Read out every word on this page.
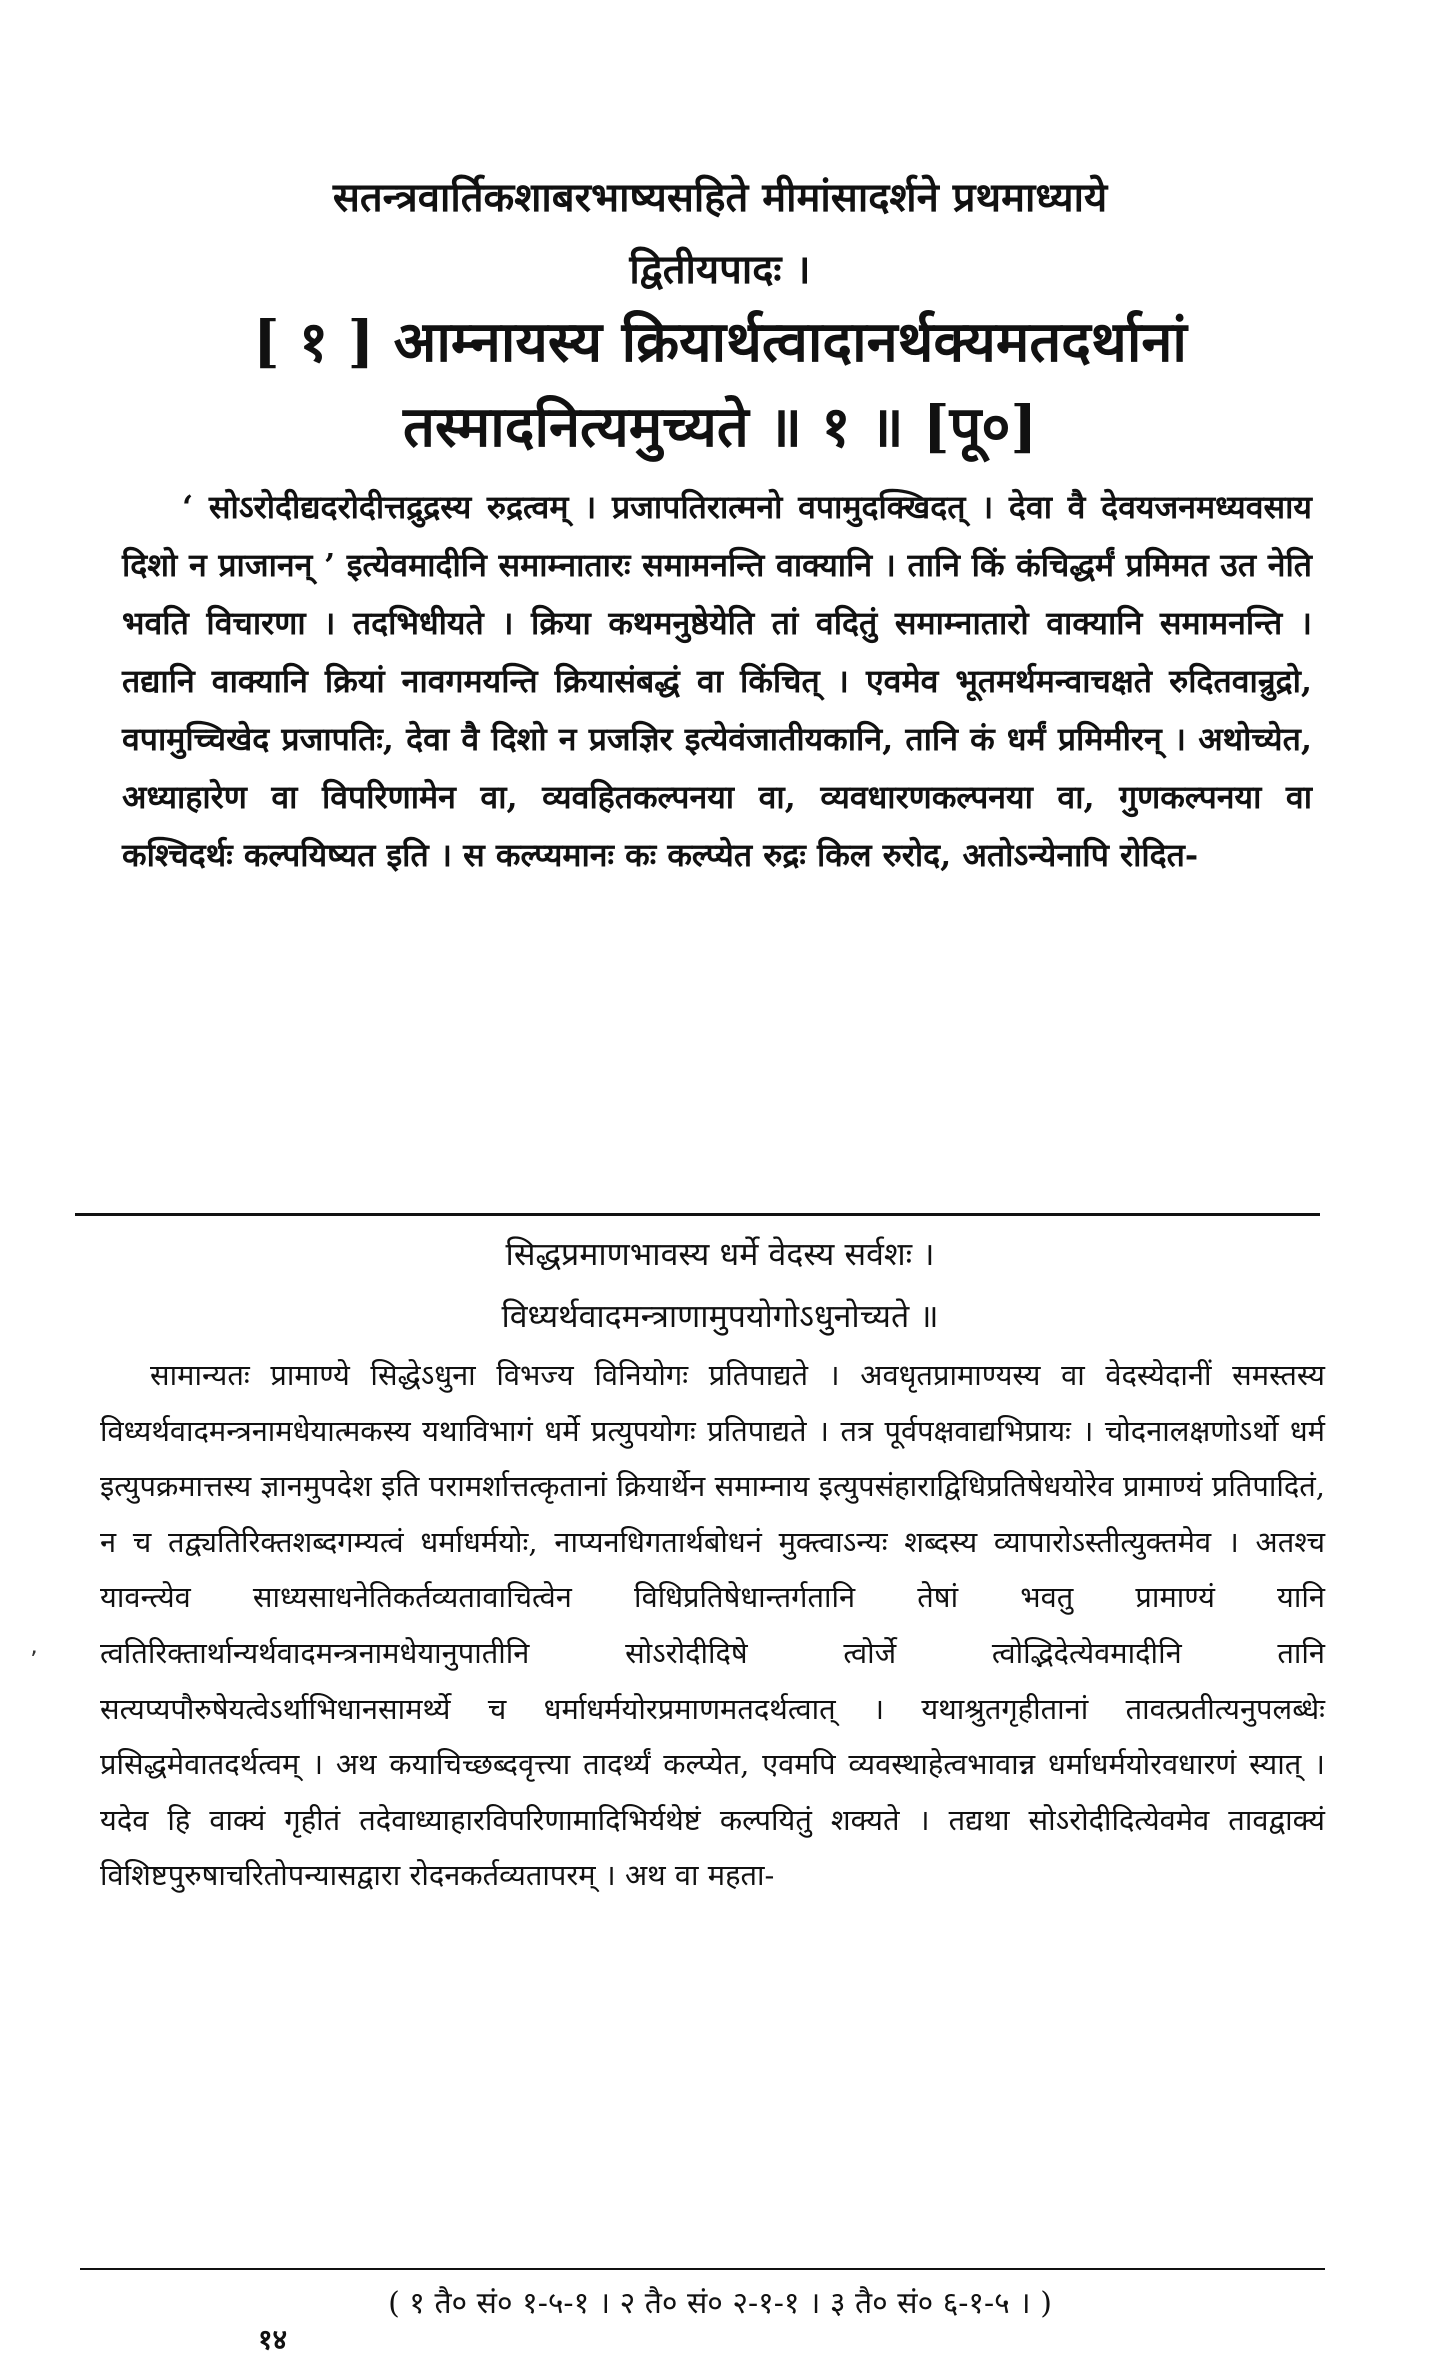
सतन्त्रवार्तिकशाबरभाष्यसहिते मीमांसादर्शने प्रथमाध्याये
द्वितीयपादः ।
[ १ ] आम्नायस्य क्रियार्थत्वादानर्थक्यमतदर्थानां
तस्मादनित्यमुच्यते ॥ १ ॥ [पू०]

‘ सोऽरोदीद्यदरोदीत्तद्रुद्रस्य रुद्रत्वम् । प्रजापतिरात्मनो वपामुदक्खिदत् । देवा वै देवयजनमध्यवसाय दिशो न प्राजानन् ’ इत्येवमादीनि समाम्नातारः समामनन्ति वाक्यानि । तानि किं कंचिद्धर्मं प्रमिमत उत नेति भवति विचारणा । तदभिधीयते । क्रिया कथमनुष्ठेयेति तां वदितुं समाम्नातारो वाक्यानि समामनन्ति । तद्यानि वाक्यानि क्रियां नावगमयन्ति क्रियासंबद्धं वा किंचित् । एवमेव भूतमर्थमन्वाचक्षते रुदितवान्रुद्रो, वपामुच्चिखेद प्रजापतिः, देवा वै दिशो न प्रजज्ञिर इत्येवंजातीयकानि, तानि कं धर्मं प्रमिमीरन् । अथोच्येत, अध्याहारेण वा विपरिणामेन वा, व्यवहितकल्पनया वा, व्यवधारणकल्पनया वा, गुणकल्पनया वा कश्चिदर्थः कल्पयिष्यत इति । स कल्प्यमानः कः कल्प्येत रुद्रः किल रुरोद, अतोऽन्येनापि रोदित-

सिद्धप्रमाणभावस्य धर्मे वेदस्य सर्वशः ।
विध्यर्थवादमन्त्राणामुपयोगोऽधुनोच्यते ॥

सामान्यतः प्रामाण्ये सिद्धेऽधुना विभज्य विनियोगः प्रतिपाद्यते । अवधृतप्रामाण्यस्य वा वेदस्येदानीं समस्तस्य विध्यर्थवादमन्त्रनामधेयात्मकस्य यथाविभागं धर्मे प्रत्युपयोगः प्रतिपाद्यते । तत्र पूर्वपक्षवाद्यभिप्रायः । चोदनालक्षणोऽर्थो धर्म इत्युपक्रमात्तस्य ज्ञानमुपदेश इति परामर्शात्तत्कृतानां क्रियार्थेन समाम्नाय इत्युपसंहाराद्विधिप्रतिषेधयोरेव प्रामाण्यं प्रतिपादितं, न च तद्व्यतिरिक्तशब्दगम्यत्वं धर्माधर्मयोः, नाप्यनधिगतार्थबोधनं मुक्त्वाऽन्यः शब्दस्य व्यापारोऽस्तीत्युक्तमेव । अतश्च यावन्त्येव साध्यसाधनेतिकर्तव्यतावाचित्वेन विधिप्रतिषेधान्तर्गतानि तेषां भवतु प्रामाण्यं यानि त्वतिरिक्तार्थान्यर्थवादमन्त्रनामधेयानुपातीनि सोऽरोदीदिषे त्वोर्जे त्वोद्भिदेत्येवमादीनि तानि सत्यप्यपौरुषेयत्वेऽर्थाभिधानसामर्थ्ये च धर्माधर्मयोरप्रमाणमतदर्थत्वात् । यथाश्रुतगृहीतानां तावत्प्रतीत्यनुपलब्धेः प्रसिद्धमेवातदर्थत्वम् । अथ कयाचिच्छब्दवृत्त्या तादर्थ्यं कल्प्येत, एवमपि व्यवस्थाहेत्वभावान्न धर्माधर्मयोरवधारणं स्यात् । यदेव हि वाक्यं गृहीतं तदेवाध्याहारविपरिणामादिभिर्यथेष्टं कल्पयितुं शक्यते । तद्यथा सोऽरोदीदित्येवमेव तावद्वाक्यं विशिष्टपुरुषाचरितोपन्यासद्वारा रोदनकर्तव्यतापरम् । अथ वा महता-

٬
( १ तै० सं० १-५-१ । २ तै० सं० २-१-१ । ३ तै० सं० ६-१-५ । )
१४
